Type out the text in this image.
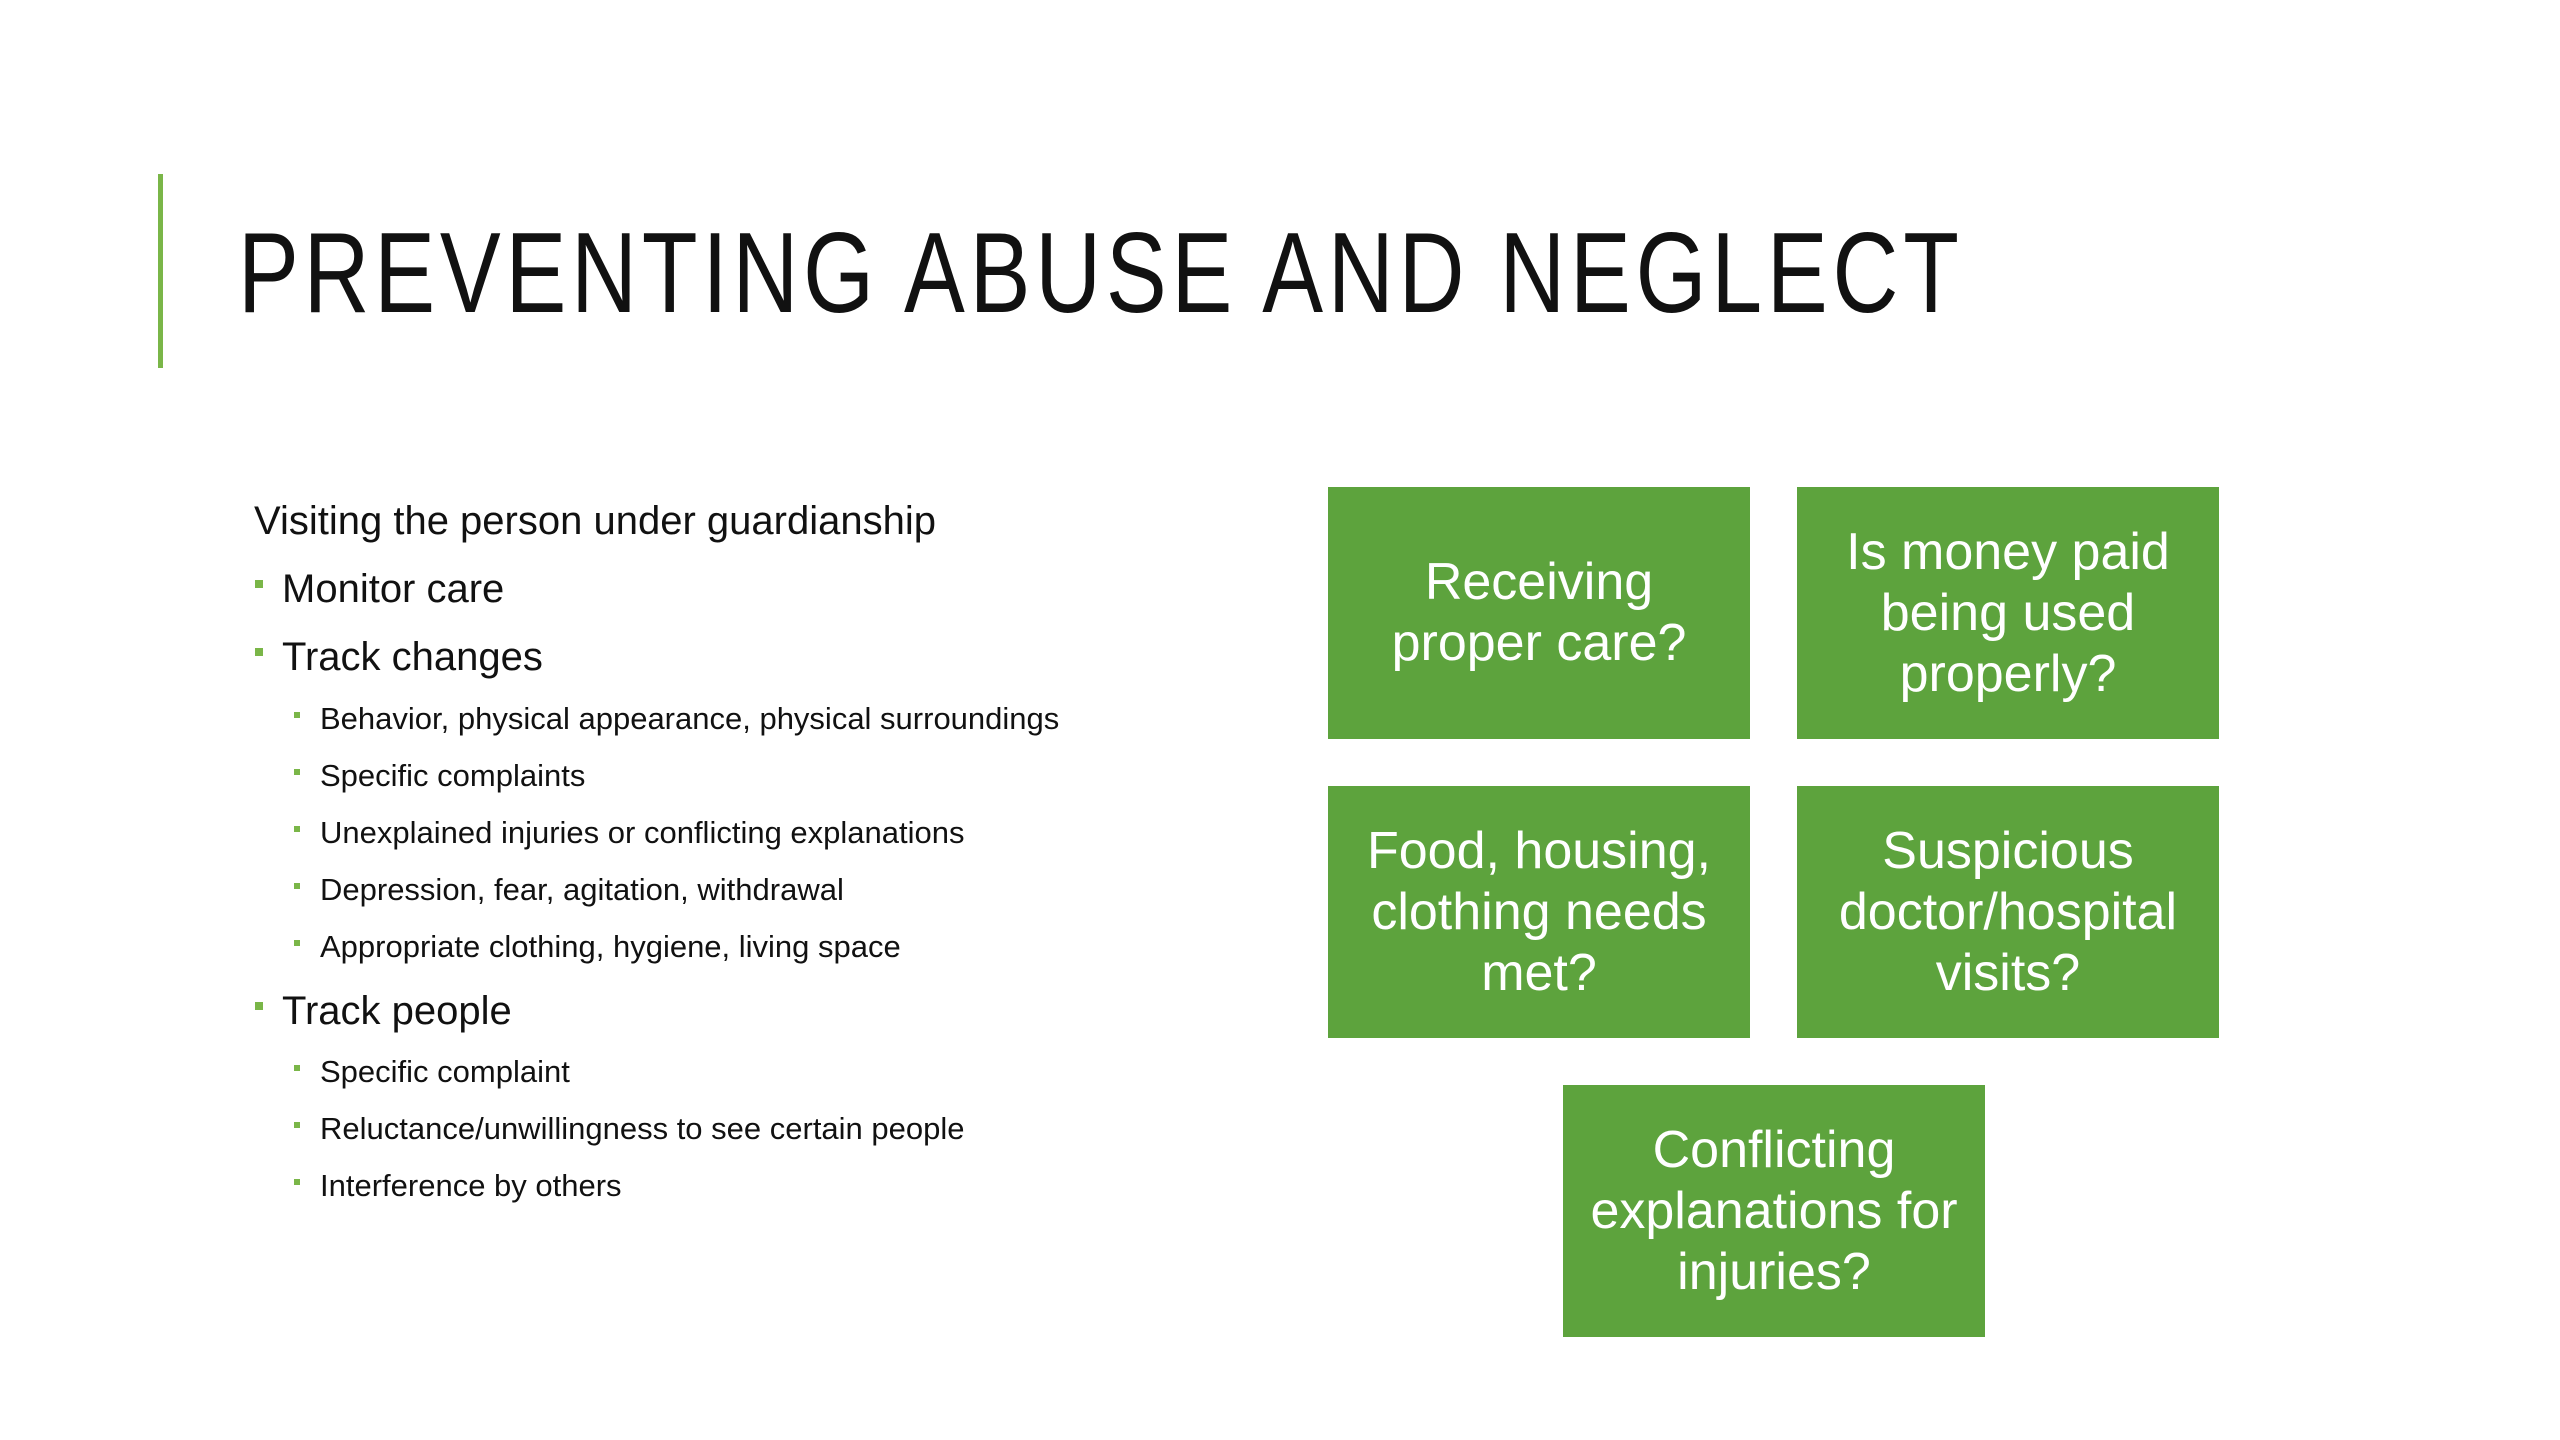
PREVENTING ABUSE AND NEGLECT
Visiting the person under guardianship
Monitor care
Track changes
Behavior, physical appearance, physical surroundings
Specific complaints
Unexplained injuries or conflicting explanations
Depression, fear, agitation, withdrawal
Appropriate clothing, hygiene, living space
Track people
Specific complaint
Reluctance/unwillingness to see certain people
Interference by others
Receiving proper care?
Is money paid being used properly?
Food, housing, clothing needs met?
Suspicious doctor/hospital visits?
Conflicting explanations for injuries?
